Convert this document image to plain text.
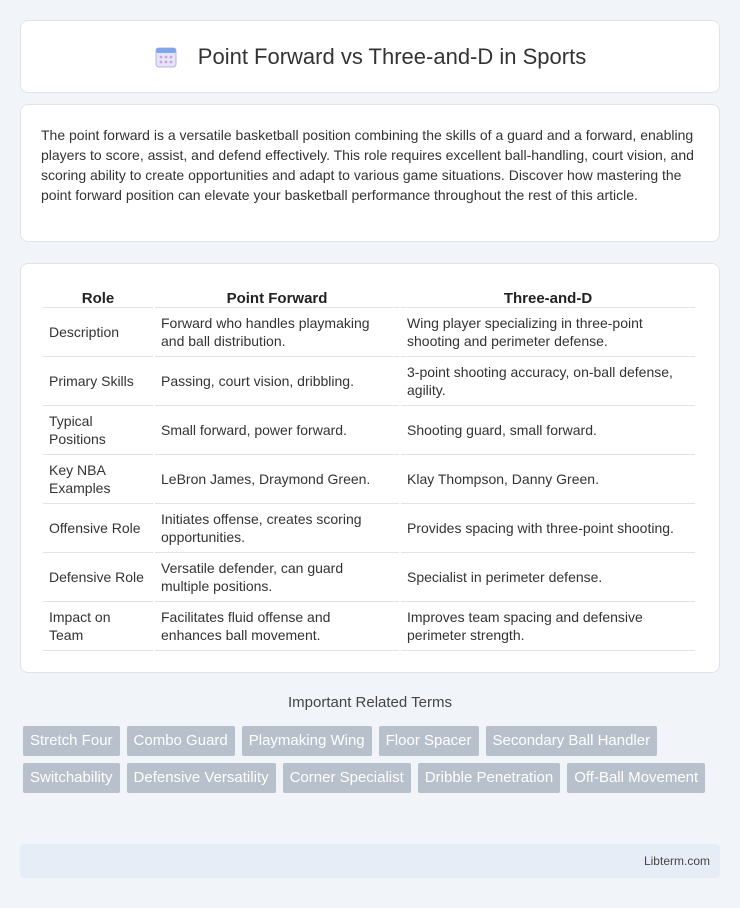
Point Forward vs Three-and-D in Sports

The point forward is a versatile basketball position combining the skills of a guard and a forward, enabling players to score, assist, and defend effectively. This role requires excellent ball-handling, court vision, and scoring ability to create opportunities and adapt to various game situations. Discover how mastering the point forward position can elevate your basketball performance throughout the rest of this article.

Role	Point Forward	Three-and-D
Description	Forward who handles playmaking and ball distribution.	Wing player specializing in three-point shooting and perimeter defense.
Primary Skills	Passing, court vision, dribbling.	3-point shooting accuracy, on-ball defense, agility.
Typical Positions	Small forward, power forward.	Shooting guard, small forward.
Key NBA Examples	LeBron James, Draymond Green.	Klay Thompson, Danny Green.
Offensive Role	Initiates offense, creates scoring opportunities.	Provides spacing with three-point shooting.
Defensive Role	Versatile defender, can guard multiple positions.	Specialist in perimeter defense.
Impact on Team	Facilitates fluid offense and enhances ball movement.	Improves team spacing and defensive perimeter strength.
Important Related Terms
Stretch Four	Combo Guard	Playmaking Wing	Floor Spacer	Secondary Ball Handler
Switchability	Defensive Versatility	Corner Specialist	Dribble Penetration	Off-Ball Movement
Libterm.com
